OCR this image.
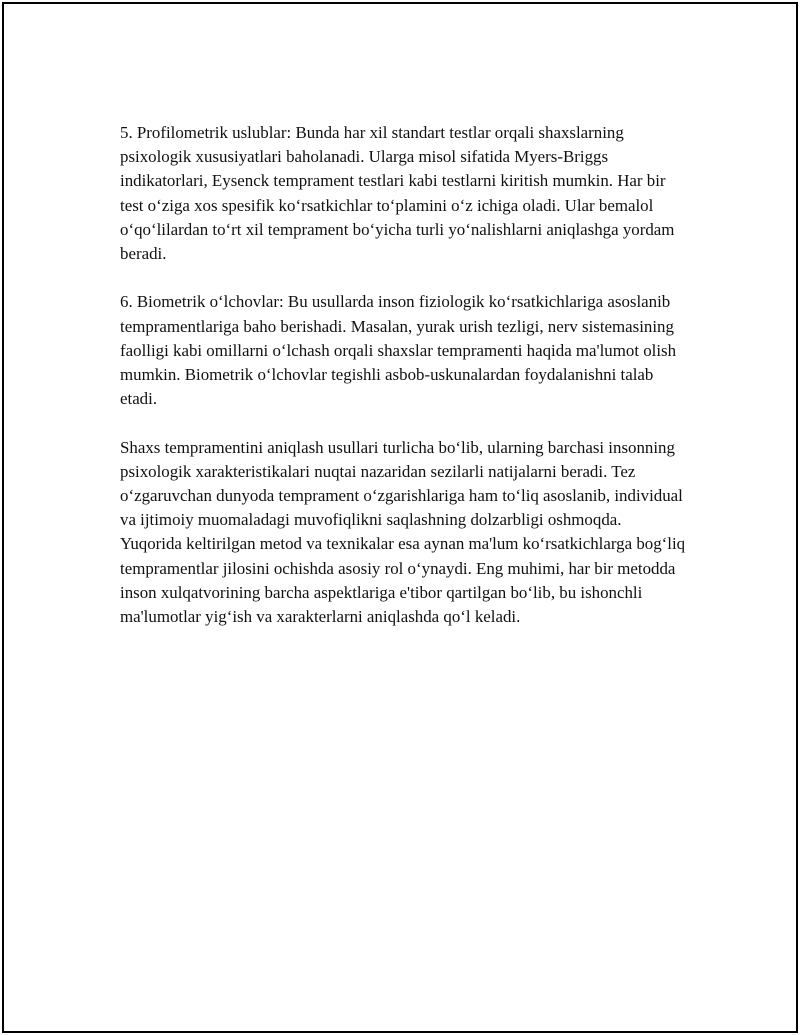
5. Profilometrik uslublar: Bunda har xil standart testlar orqali shaxslarning psixologik xususiyatlari baholanadi. Ularga misol sifatida Myers-Briggs indikatorlari, Eysenck temprament testlari kabi testlarni kiritish mumkin. Har bir test o‘ziga xos spesifik ko‘rsatkichlar to‘plamini o‘z ichiga oladi. Ular bemalol o‘qo‘lilardan to‘rt xil temprament bo‘yicha turli yo‘nalishlarni aniqlashga yordam beradi.

6. Biometrik o‘lchovlar: Bu usullarda inson fiziologik ko‘rsatkichlariga asoslanib tempramentlariga baho berishadi. Masalan, yurak urish tezligi, nerv sistemasining faolligi kabi omillarni o‘lchash orqali shaxslar tempramenti haqida ma'lumot olish mumkin. Biometrik o‘lchovlar tegishli asbob-uskunalardan foydalanishni talab etadi.

Shaxs tempramentini aniqlash usullari turlicha bo‘lib, ularning barchasi insonning psixologik xarakteristikalari nuqtai nazaridan sezilarli natijalarni beradi. Tez o‘zgaruvchan dunyoda temprament o‘zgarishlariga ham to‘liq asoslanib, individual va ijtimoiy muomaladagi muvofiqlikni saqlashning dolzarbligi oshmoqda. Yuqorida keltirilgan metod va texnikalar esa aynan ma'lum ko‘rsatkichlarga bog‘liq tempramentlar jilosini ochishda asosiy rol o‘ynaydi. Eng muhimi, har bir metodda inson xulqatvorining barcha aspektlariga e'tibor qartilgan bo‘lib, bu ishonchli ma'lumotlar yig‘ish va xarakterlarni aniqlashda qo‘l keladi.
